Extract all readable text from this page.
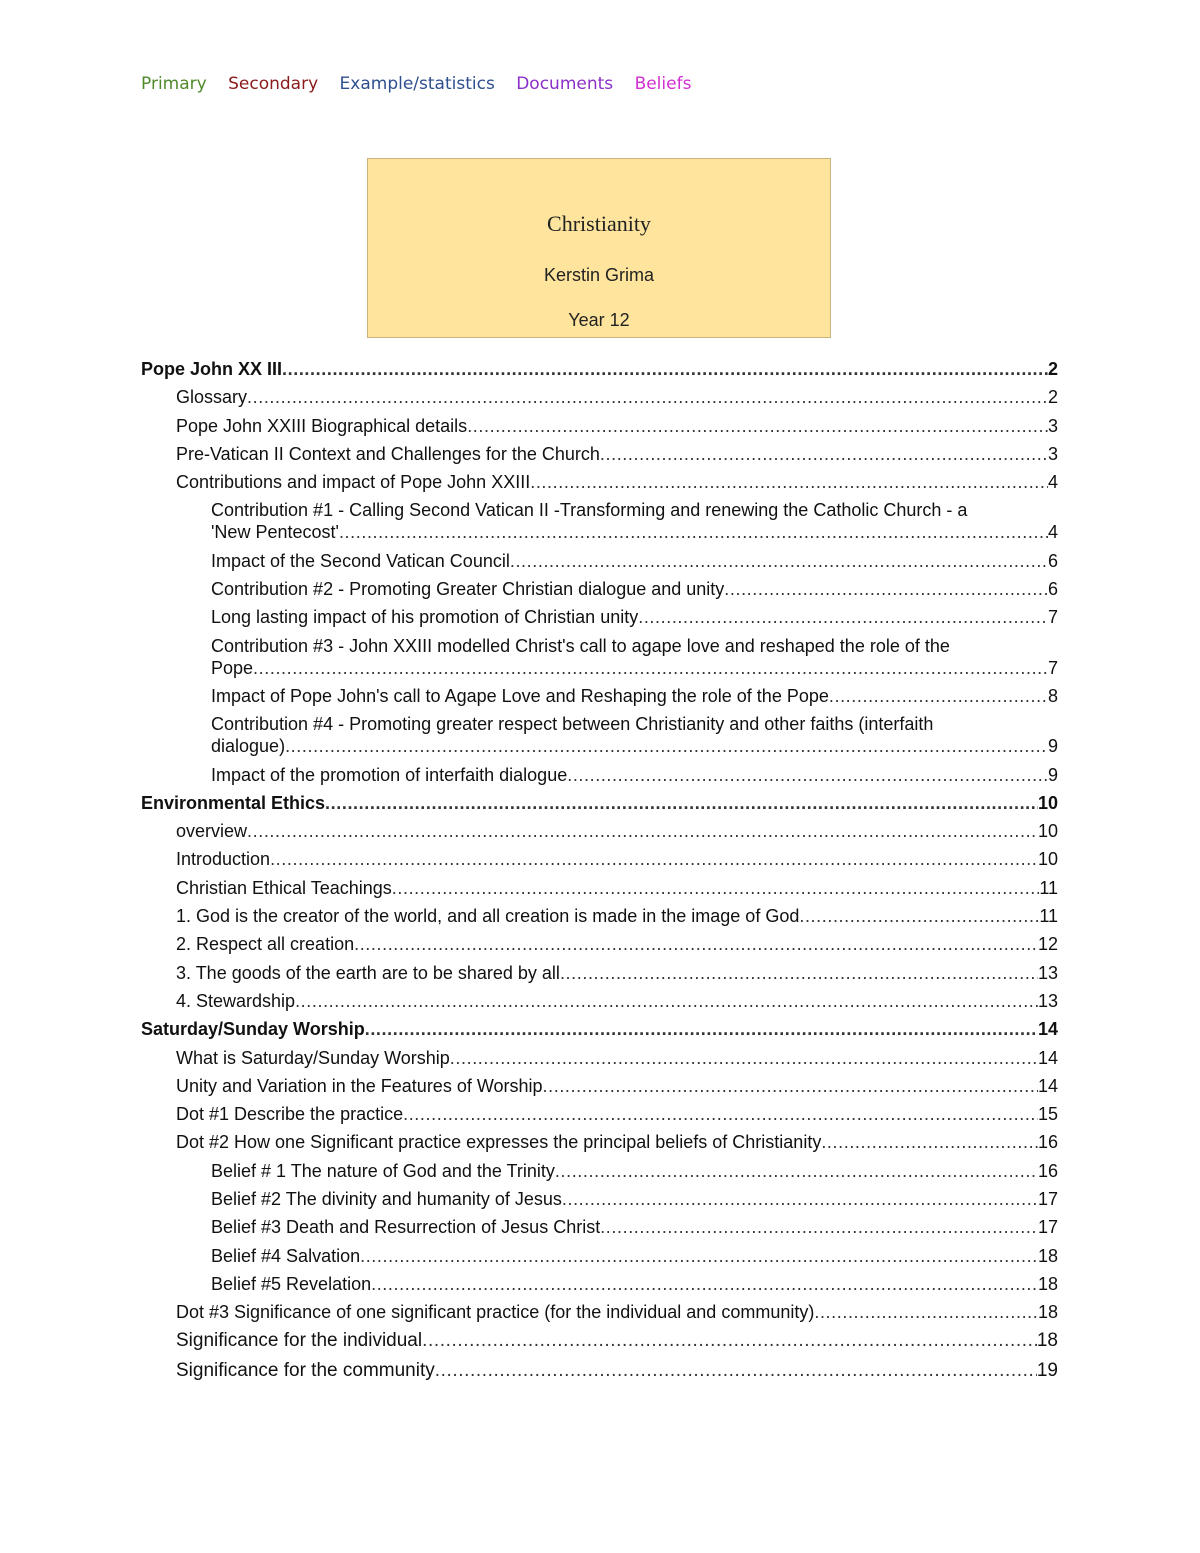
Primary Secondary Example/statistics Documents Beliefs
Christianity
Kerstin Grima
Year 12
Pope John XX III .....	2
Glossary .....	2
Pope John XXIII Biographical details .....	3
Pre-Vatican II Context and Challenges for the Church .....	3
Contributions and impact of Pope John XXIII .....	4
Contribution #1 - Calling Second Vatican II -Transforming and renewing the Catholic Church - a
'New Pentecost' .....	4
Impact of the Second Vatican Council .....	6
Contribution #2 - Promoting Greater Christian dialogue and unity .....	6
Long lasting impact of his promotion of Christian unity .....	7
Contribution #3 - John XXIII modelled Christ's call to agape love and reshaped the role of the
Pope .....	7
Impact of Pope John's call to Agape Love and Reshaping the role of the Pope .....	8
Contribution #4 - Promoting greater respect between Christianity and other faiths (interfaith
dialogue) .....	9
Impact of the promotion of interfaith dialogue .....	9
Environmental Ethics .....	10
overview .....	10
Introduction .....	10
Christian Ethical Teachings .....	11
1. God is the creator of the world, and all creation is made in the image of God .....	11
2. Respect all creation .....	12
3. The goods of the earth are to be shared by all .....	13
4. Stewardship .....	13
Saturday/Sunday Worship .....	14
What is Saturday/Sunday Worship .....	14
Unity and Variation in the Features of Worship .....	14
Dot #1 Describe the practice .....	15
Dot #2 How one Significant practice expresses the principal beliefs of Christianity .....	16
Belief # 1 The nature of God and the Trinity .....	16
Belief #2 The divinity and humanity of Jesus .....	17
Belief #3 Death and Resurrection of Jesus Christ .....	17
Belief #4 Salvation .....	18
Belief #5 Revelation .....	18
Dot #3 Significance of one significant practice (for the individual and community) .....	18
Significance for the individual .....	18
Significance for the community .....	19
